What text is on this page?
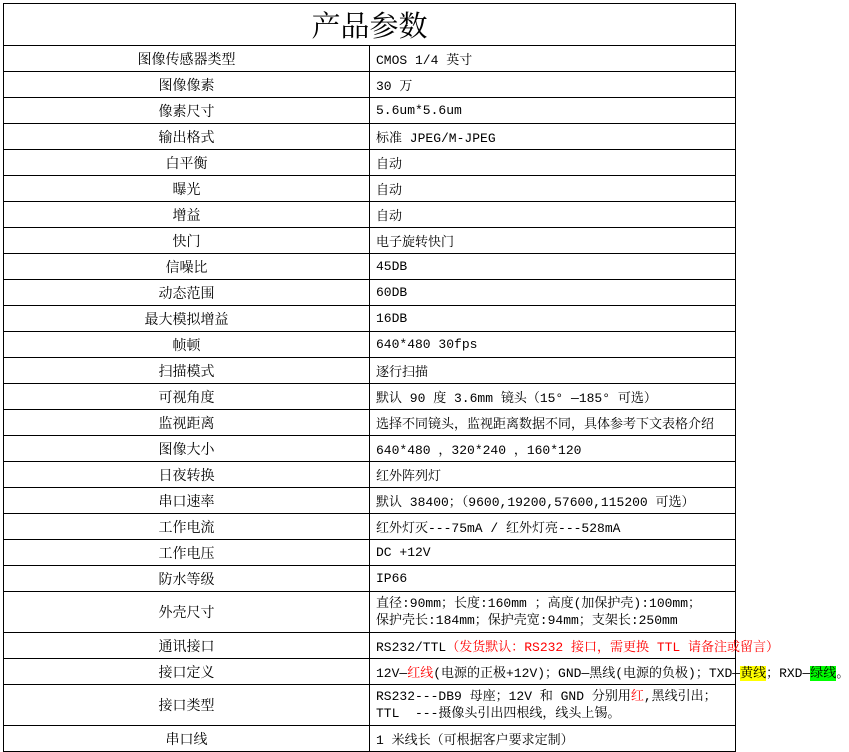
产品参数	
图像传感器类型	CMOS 1/4 英寸
图像像素	30 万
像素尺寸	5.6um*5.6um
输出格式	标准 JPEG/M-JPEG
白平衡	自动
曝光	自动
增益	自动
快门	电子旋转快门
信噪比	45DB
动态范围	60DB
最大模拟增益	16DB
帧顿	640*480 30fps
扫描模式	逐行扫描
可视角度	默认 90 度 3.6mm 镜头（15° —185° 可选）
监视距离	选择不同镜头，监视距离数据不同，具体参考下文表格介绍
图像大小	640*480 ，320*240 ，160*120
日夜转换	红外阵列灯
串口速率	默认 38400；（9600,19200,57600,115200 可选）
工作电流	红外灯灭---75mA / 红外灯亮---528mA
工作电压	DC +12V
防水等级	IP66
外壳尺寸	直径:90mm；长度:160mm ；高度(加保护壳):100mm；
保护壳长:184mm；保护壳宽:94mm；支架长:250mm

通讯接口	RS232/TTL（发货默认：RS232 接口，需更换 TTL 请备注或留言）
接口定义	12V—红线(电源的正极+12V)；GND—黑线(电源的负极)；TXD—黄线；RXD—绿线。
接口类型	RS232---DB9 母座；12V 和 GND 分别用红,黑线引出；
TTL  ---摄像头引出四根线，线头上锡。

串口线	1 米线长（可根据客户要求定制）
